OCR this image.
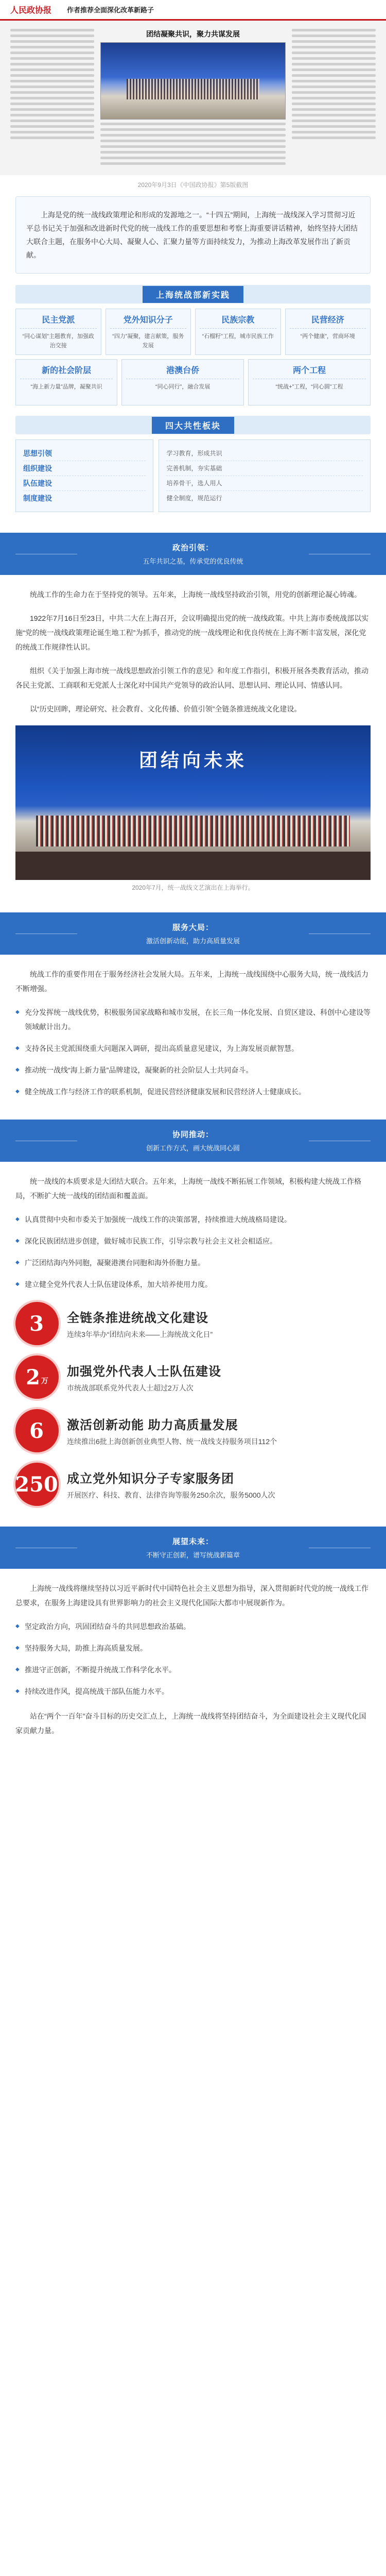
人民政协报 作者推荐全面深化改革新路子
团结凝聚共识，聚力共谋发展
2020年9月3日《中国政协报》第5版截图
上海是党的统一战线政策理论和形成的发源地之一。“十四五”期间，上海统一战线深入学习贯彻习近平总书记关于加强和改进新时代党的统一战线工作的重要思想和考察上海重要讲话精神，始终坚持大团结大联合主题，在服务中心大局、凝聚人心、汇聚力量等方面持续发力，为推动上海改革发展作出了新贡献。
上海统战部新实践
民主党派
“同心谋划”主题教育，加强政治交接
党外知识分子
“四力”凝聚，建言献策，服务发展
民族宗教
“石榴籽”工程，城市民族工作
民营经济
“两个健康”，营商环境
新的社会阶层
“海上新力量”品牌，凝聚共识
港澳台侨
“同心同行”，融合发展
两个工程
“统战+”工程，“同心圆”工程
四大共性板块
思想引领
组织建设
队伍建设
制度建设
学习教育，形成共识
完善机制，夯实基础
培养骨干，选人用人
健全制度，规范运行
政治引领：
五年共识之基，传承党的优良传统

统战工作的生命力在于坚持党的领导。五年来，上海统一战线坚持政治引领，用党的创新理论凝心铸魂。

1922年7月16日至23日，中共二大在上海召开，会议明确提出党的统一战线政策。中共上海市委统战部以实施“党的统一战线政策理论诞生地工程”为抓手，推动党的统一战线理论和优良传统在上海不断丰富发展，深化党的统战工作规律性认识。

组织《关于加强上海市统一战线思想政治引领工作的意见》和年度工作指引，积极开展各类教育活动，推动各民主党派、工商联和无党派人士深化对中国共产党领导的政治认同、思想认同、理论认同、情感认同。

以“历史回眸，理论研究、社会教育、文化传播、价值引领”全链条推进统战文化建设。

团结向未来
2020年7月，统一战线文艺演出在上海举行。
服务大局：
激活创新动能，助力高质量发展

统战工作的重要作用在于服务经济社会发展大局。五年来，上海统一战线围绕中心服务大局，统一战线活力不断增强。

◆ 充分发挥统一战线优势，积极服务国家战略和城市发展，在长三角一体化发展、自贸区建设、科创中心建设等领域献计出力。
◆ 支持各民主党派围绕重大问题深入调研，提出高质量意见建议，为上海发展贡献智慧。
◆ 推动统一战线“海上新力量”品牌建设，凝聚新的社会阶层人士共同奋斗。
◆ 健全统战工作与经济工作的联系机制，促进民营经济健康发展和民营经济人士健康成长。
协同推动：
创新工作方式，画大统战同心圆

统一战线的本质要求是大团结大联合。五年来，上海统一战线不断拓展工作领域，积极构建大统战工作格局，不断扩大统一战线的团结面和覆盖面。

◆ 认真贯彻中央和市委关于加强统一战线工作的决策部署，持续推进大统战格局建设。
◆ 深化民族团结进步创建，做好城市民族工作，引导宗教与社会主义社会相适应。
◆ 广泛团结海内外同胞，凝聚港澳台同胞和海外侨胞力量。
◆ 建立健全党外代表人士队伍建设体系，加大培养使用力度。
3 全链条推进统战文化建设
连续3年举办“团结向未来——上海统战文化日”
2 万
加强党外代表人士队伍建设
市统战部联系党外代表人士超过2万人次
6 激活创新动能 助力高质量发展
连续推出6批上海创新创业典型人物、统一战线支持服务项目112个
250 成立党外知识分子专家服务团
开展医疗、科技、教育、法律咨询等服务250余次，服务5000人次
展望未来：
不断守正创新，谱写统战新篇章

上海统一战线将继续坚持以习近平新时代中国特色社会主义思想为指导，深入贯彻新时代党的统一战线工作总要求，在服务上海建设具有世界影响力的社会主义现代化国际大都市中展现新作为。

◆ 坚定政治方向，巩固团结奋斗的共同思想政治基础。
◆ 坚持服务大局，助推上海高质量发展。
◆ 推进守正创新，不断提升统战工作科学化水平。
◆ 持续改进作风，提高统战干部队伍能力水平。

站在“两个一百年”奋斗目标的历史交汇点上，上海统一战线将坚持团结奋斗，为全面建设社会主义现代化国家贡献力量。
